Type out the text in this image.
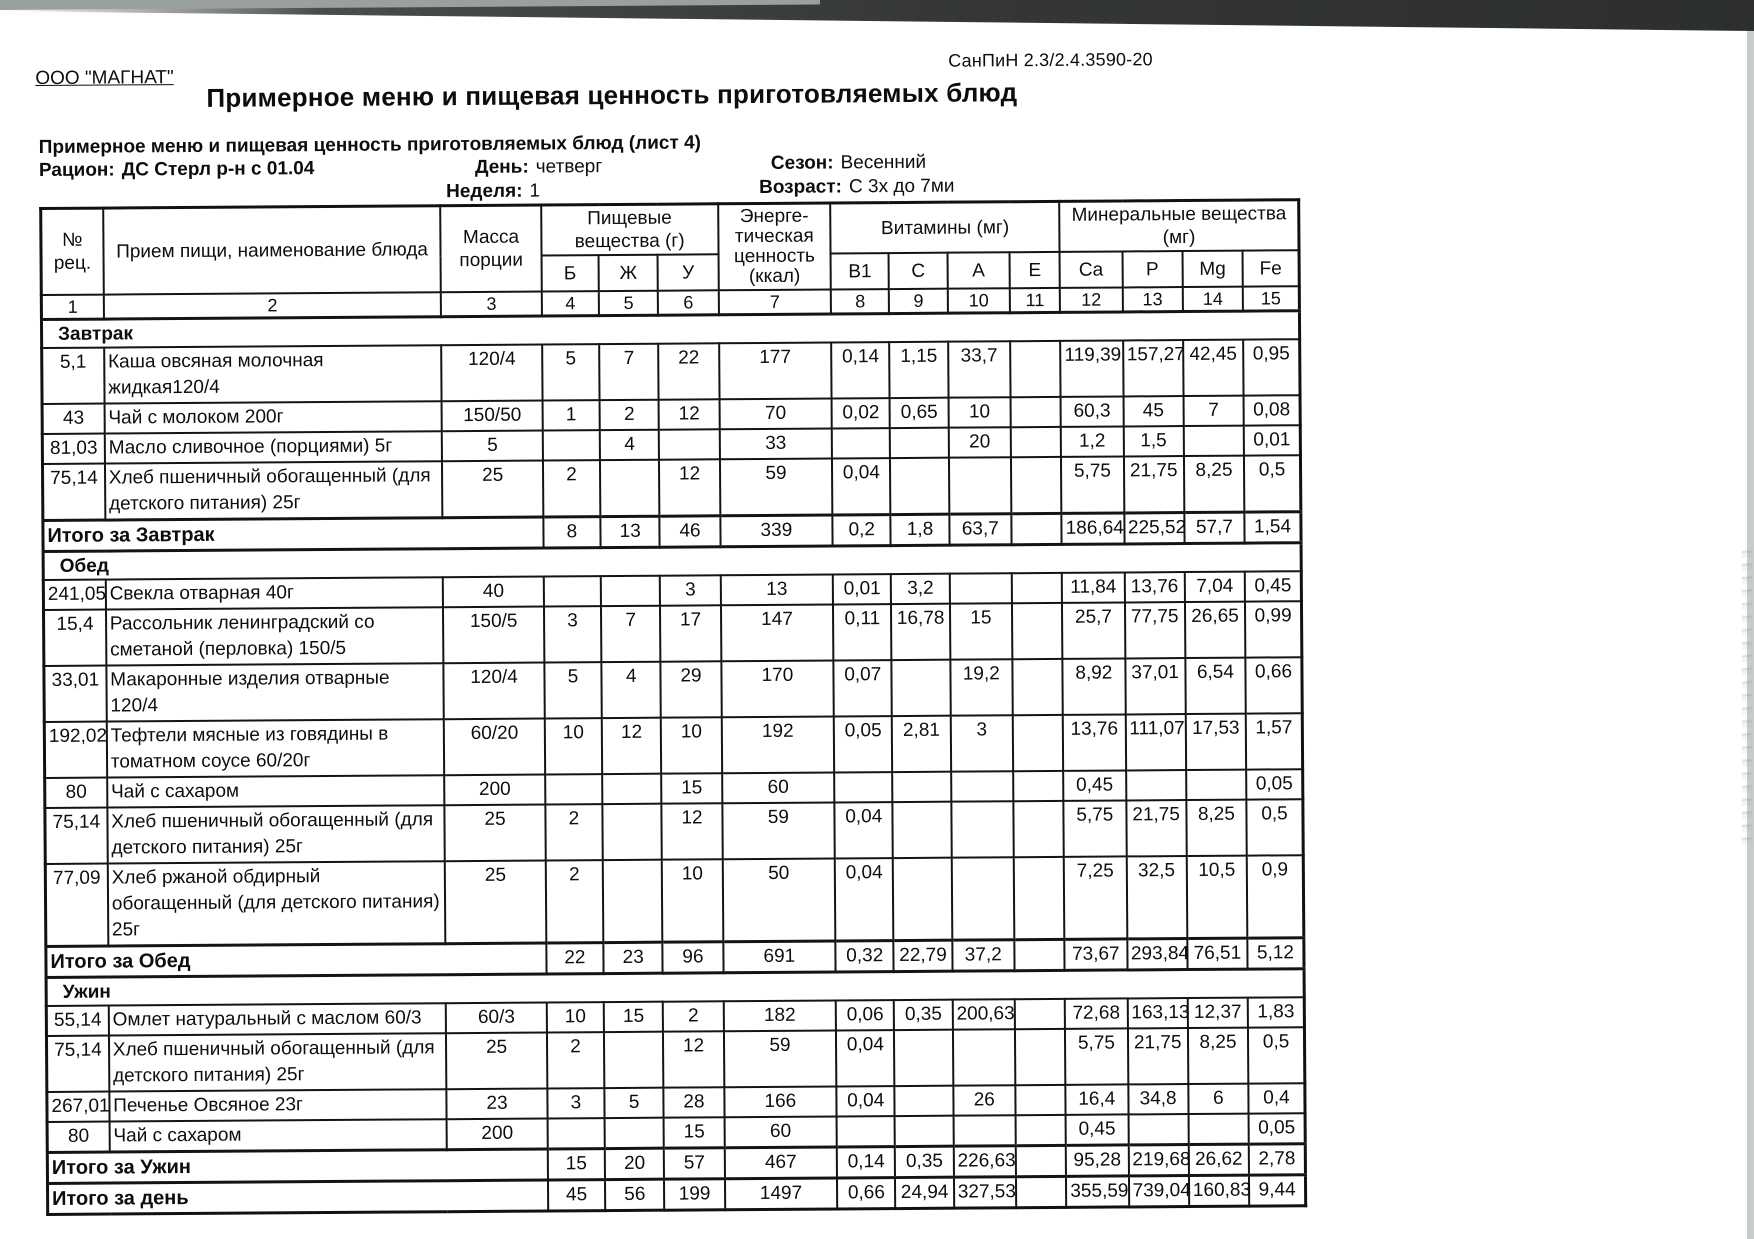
СанПиН 2.3/2.4.3590-20
ООО "МАГНАТ" Примерное меню и пищевая ценность приготовляемых блюд
Примерное меню и пищевая ценность приготовляемых блюд (лист 4)
Рацион: ДС Стерл р-н с 01.04	День: четверг	Сезон: Весенний
Неделя: 1	Возраст: С 3х до 7ми
№
рец.	Прием пищи, наименование блюда	Масса
порции	Пищевые
вещества (г)			Энерге-
тическая
ценность
(ккал)	Витамины (мг)				Минеральные вещества
(мг)			
			Б	Ж	У		В1	С	А	Е	Ca	P	Mg	Fe
1	2	3	4	5	6	7	8	9	10	11	12	13	14	15
Завтрак														
5,1	Каша овсяная молочная
жидкая120/4	120/4	5	7	22	177	0,14	1,15	33,7		119,39	157,27	42,45	0,95
43	Чай с молоком 200г	150/50	1	2	12	70	0,02	0,65	10		60,3	45	7	0,08
81,03	Масло сливочное (порциями) 5г	5		4		33			20		1,2	1,5		0,01
75,14	Хлеб пшеничный обогащенный (для
детского питания) 25г	25	2		12	59	0,04				5,75	21,75	8,25	0,5
Итого за Завтрак			8	13	46	339	0,2	1,8	63,7		186,64	225,52	57,7	1,54
Обед														
241,05	Свекла отварная 40г	40			3	13	0,01	3,2			11,84	13,76	7,04	0,45
15,4	Рассольник ленинградский со
сметаной (перловка) 150/5	150/5	3	7	17	147	0,11	16,78	15		25,7	77,75	26,65	0,99
33,01	Макаронные изделия отварные
120/4	120/4	5	4	29	170	0,07		19,2		8,92	37,01	6,54	0,66
192,02	Тефтели мясные из говядины в
томатном соусе 60/20г	60/20	10	12	10	192	0,05	2,81	3		13,76	111,07	17,53	1,57
80	Чай с сахаром	200			15	60					0,45			0,05
75,14	Хлеб пшеничный обогащенный (для
детского питания) 25г	25	2		12	59	0,04				5,75	21,75	8,25	0,5
77,09	Хлеб ржаной обдирный
обогащенный (для детского питания)
25г	25	2		10	50	0,04				7,25	32,5	10,5	0,9
Итого за Обед			22	23	96	691	0,32	22,79	37,2		73,67	293,84	76,51	5,12
Ужин														
55,14	Омлет натуральный с маслом 60/3	60/3	10	15	2	182	0,06	0,35	200,63		72,68	163,13	12,37	1,83
75,14	Хлеб пшеничный обогащенный (для
детского питания) 25г	25	2		12	59	0,04				5,75	21,75	8,25	0,5
267,01	Печенье Овсяное 23г	23	3	5	28	166	0,04		26		16,4	34,8	6	0,4
80	Чай с сахаром	200			15	60					0,45			0,05
Итого за Ужин			15	20	57	467	0,14	0,35	226,63		95,28	219,68	26,62	2,78
Итого за день			45	56	199	1497	0,66	24,94	327,53		355,59	739,04	160,83	9,44
